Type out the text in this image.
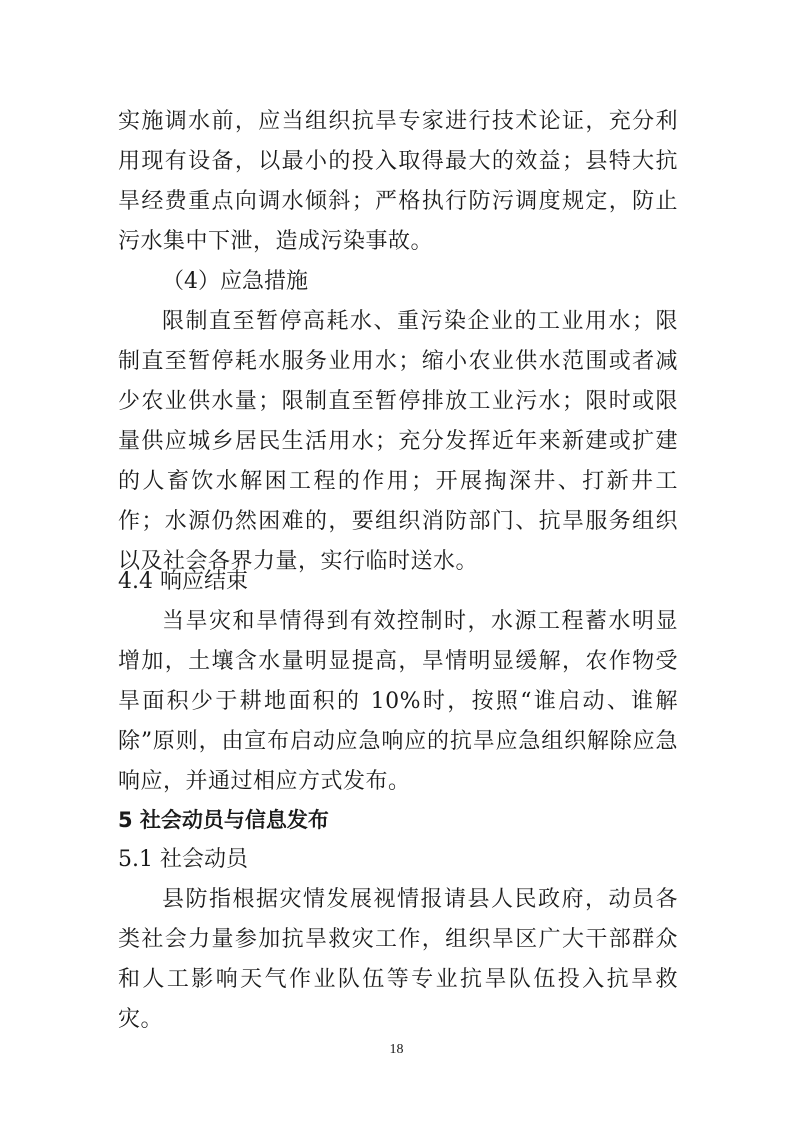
实施调水前，应当组织抗旱专家进行技术论证，充分利用现有设备，以最小的投入取得最大的效益；县特大抗旱经费重点向调水倾斜；严格执行防污调度规定，防止污水集中下泄，造成污染事故。

（4）应急措施

限制直至暂停高耗水、重污染企业的工业用水；限制直至暂停耗水服务业用水；缩小农业供水范围或者减少农业供水量；限制直至暂停排放工业污水；限时或限量供应城乡居民生活用水；充分发挥近年来新建或扩建的人畜饮水解困工程的作用；开展掏深井、打新井工作；水源仍然困难的，要组织消防部门、抗旱服务组织以及社会各界力量，实行临时送水。

4.4 响应结束

当旱灾和旱情得到有效控制时，水源工程蓄水明显增加，土壤含水量明显提高，旱情明显缓解，农作物受旱面积少于耕地面积的 10%时，按照“谁启动、谁解除”原则，由宣布启动应急响应的抗旱应急组织解除应急响应，并通过相应方式发布。

5 社会动员与信息发布

5.1 社会动员

县防指根据灾情发展视情报请县人民政府，动员各类社会力量参加抗旱救灾工作，组织旱区广大干部群众和人工影响天气作业队伍等专业抗旱队伍投入抗旱救灾。

18
